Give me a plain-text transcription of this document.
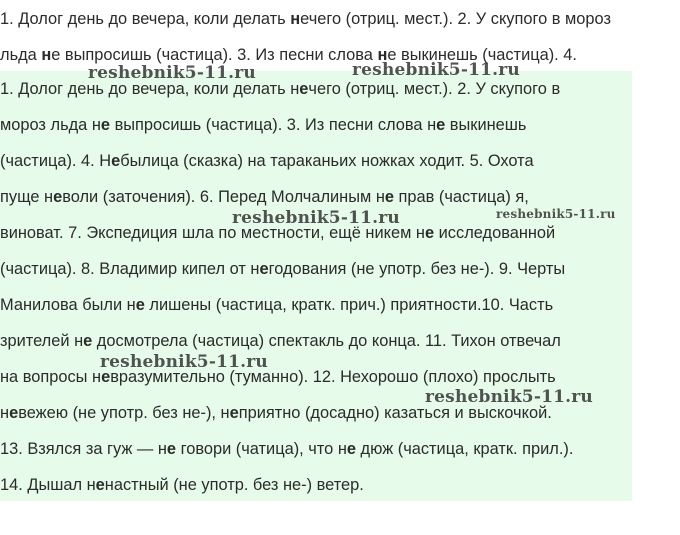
1. Долог день до вечера, коли делать нечего (отриц. мест.). 2. У скупого в мороз
льда не выпросишь (частица). 3. Из песни слова не выкинешь (частица). 4.
1. Долог день до вечера, коли делать нечего (отриц. мест.). 2. У скупого в
мороз льда не выпросишь (частица). 3. Из песни слова не выкинешь
(частица). 4. Небылица (сказка) на тараканьих ножках ходит. 5. Охота
пуще неволи (заточения). 6. Перед Молчалиным не прав (частица) я,
виноват. 7. Экспедиция шла по местности, ещё никем не исследованной
(частица). 8. Владимир кипел от негодования (не употр. без не-). 9. Черты
Манилова были не лишены (частица, кратк. прич.) приятности.10. Часть
зрителей не досмотрела (частица) спектакль до конца. 11. Тихон отвечал
на вопросы невразумительно (туманно). 12. Нехорошо (плохо) прослыть
невежею (не употр. без не-), неприятно (досадно) казаться и выскочкой.
13. Взялся за гуж — не говори (чатица), что не дюж (частица, кратк. прил.).
14. Дышал ненастный (не употр. без не-) ветер.
reshebnik5-11.ru	reshebnik5-11.ru
reshebnik5-11.ru	reshebnik5-11.ru
reshebnik5-11.ru
reshebnik5-11.ru
